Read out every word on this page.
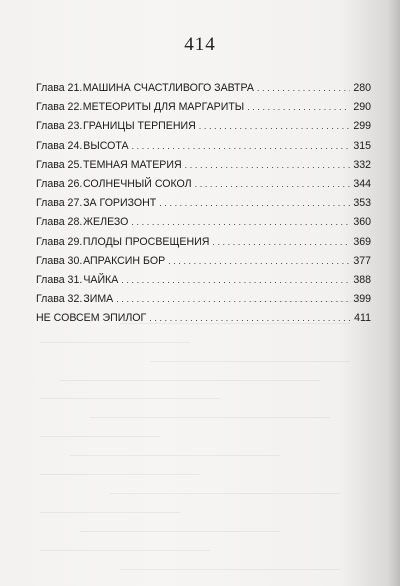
414
Глава 21. МАШИНА СЧАСТЛИВОГО ЗАВТРА .....	280
Глава 22. МЕТЕОРИТЫ ДЛЯ МАРГАРИТЫ .....	290
Глава 23. ГРАНИЦЫ ТЕРПЕНИЯ .....	299
Глава 24. ВЫСОТА .....	315
Глава 25. ТЕМНАЯ МАТЕРИЯ .....	332
Глава 26. СОЛНЕЧНЫЙ СОКОЛ .....	344
Глава 27. ЗА ГОРИЗОНТ .....	353
Глава 28. ЖЕЛЕЗО .....	360
Глава 29. ПЛОДЫ ПРОСВЕЩЕНИЯ .....	369
Глава 30. АПРАКСИН БОР .....	377
Глава 31. ЧАЙКА .....	388
Глава 32. ЗИМА .....	399
НЕ СОВСЕМ ЭПИЛОГ .....	411
